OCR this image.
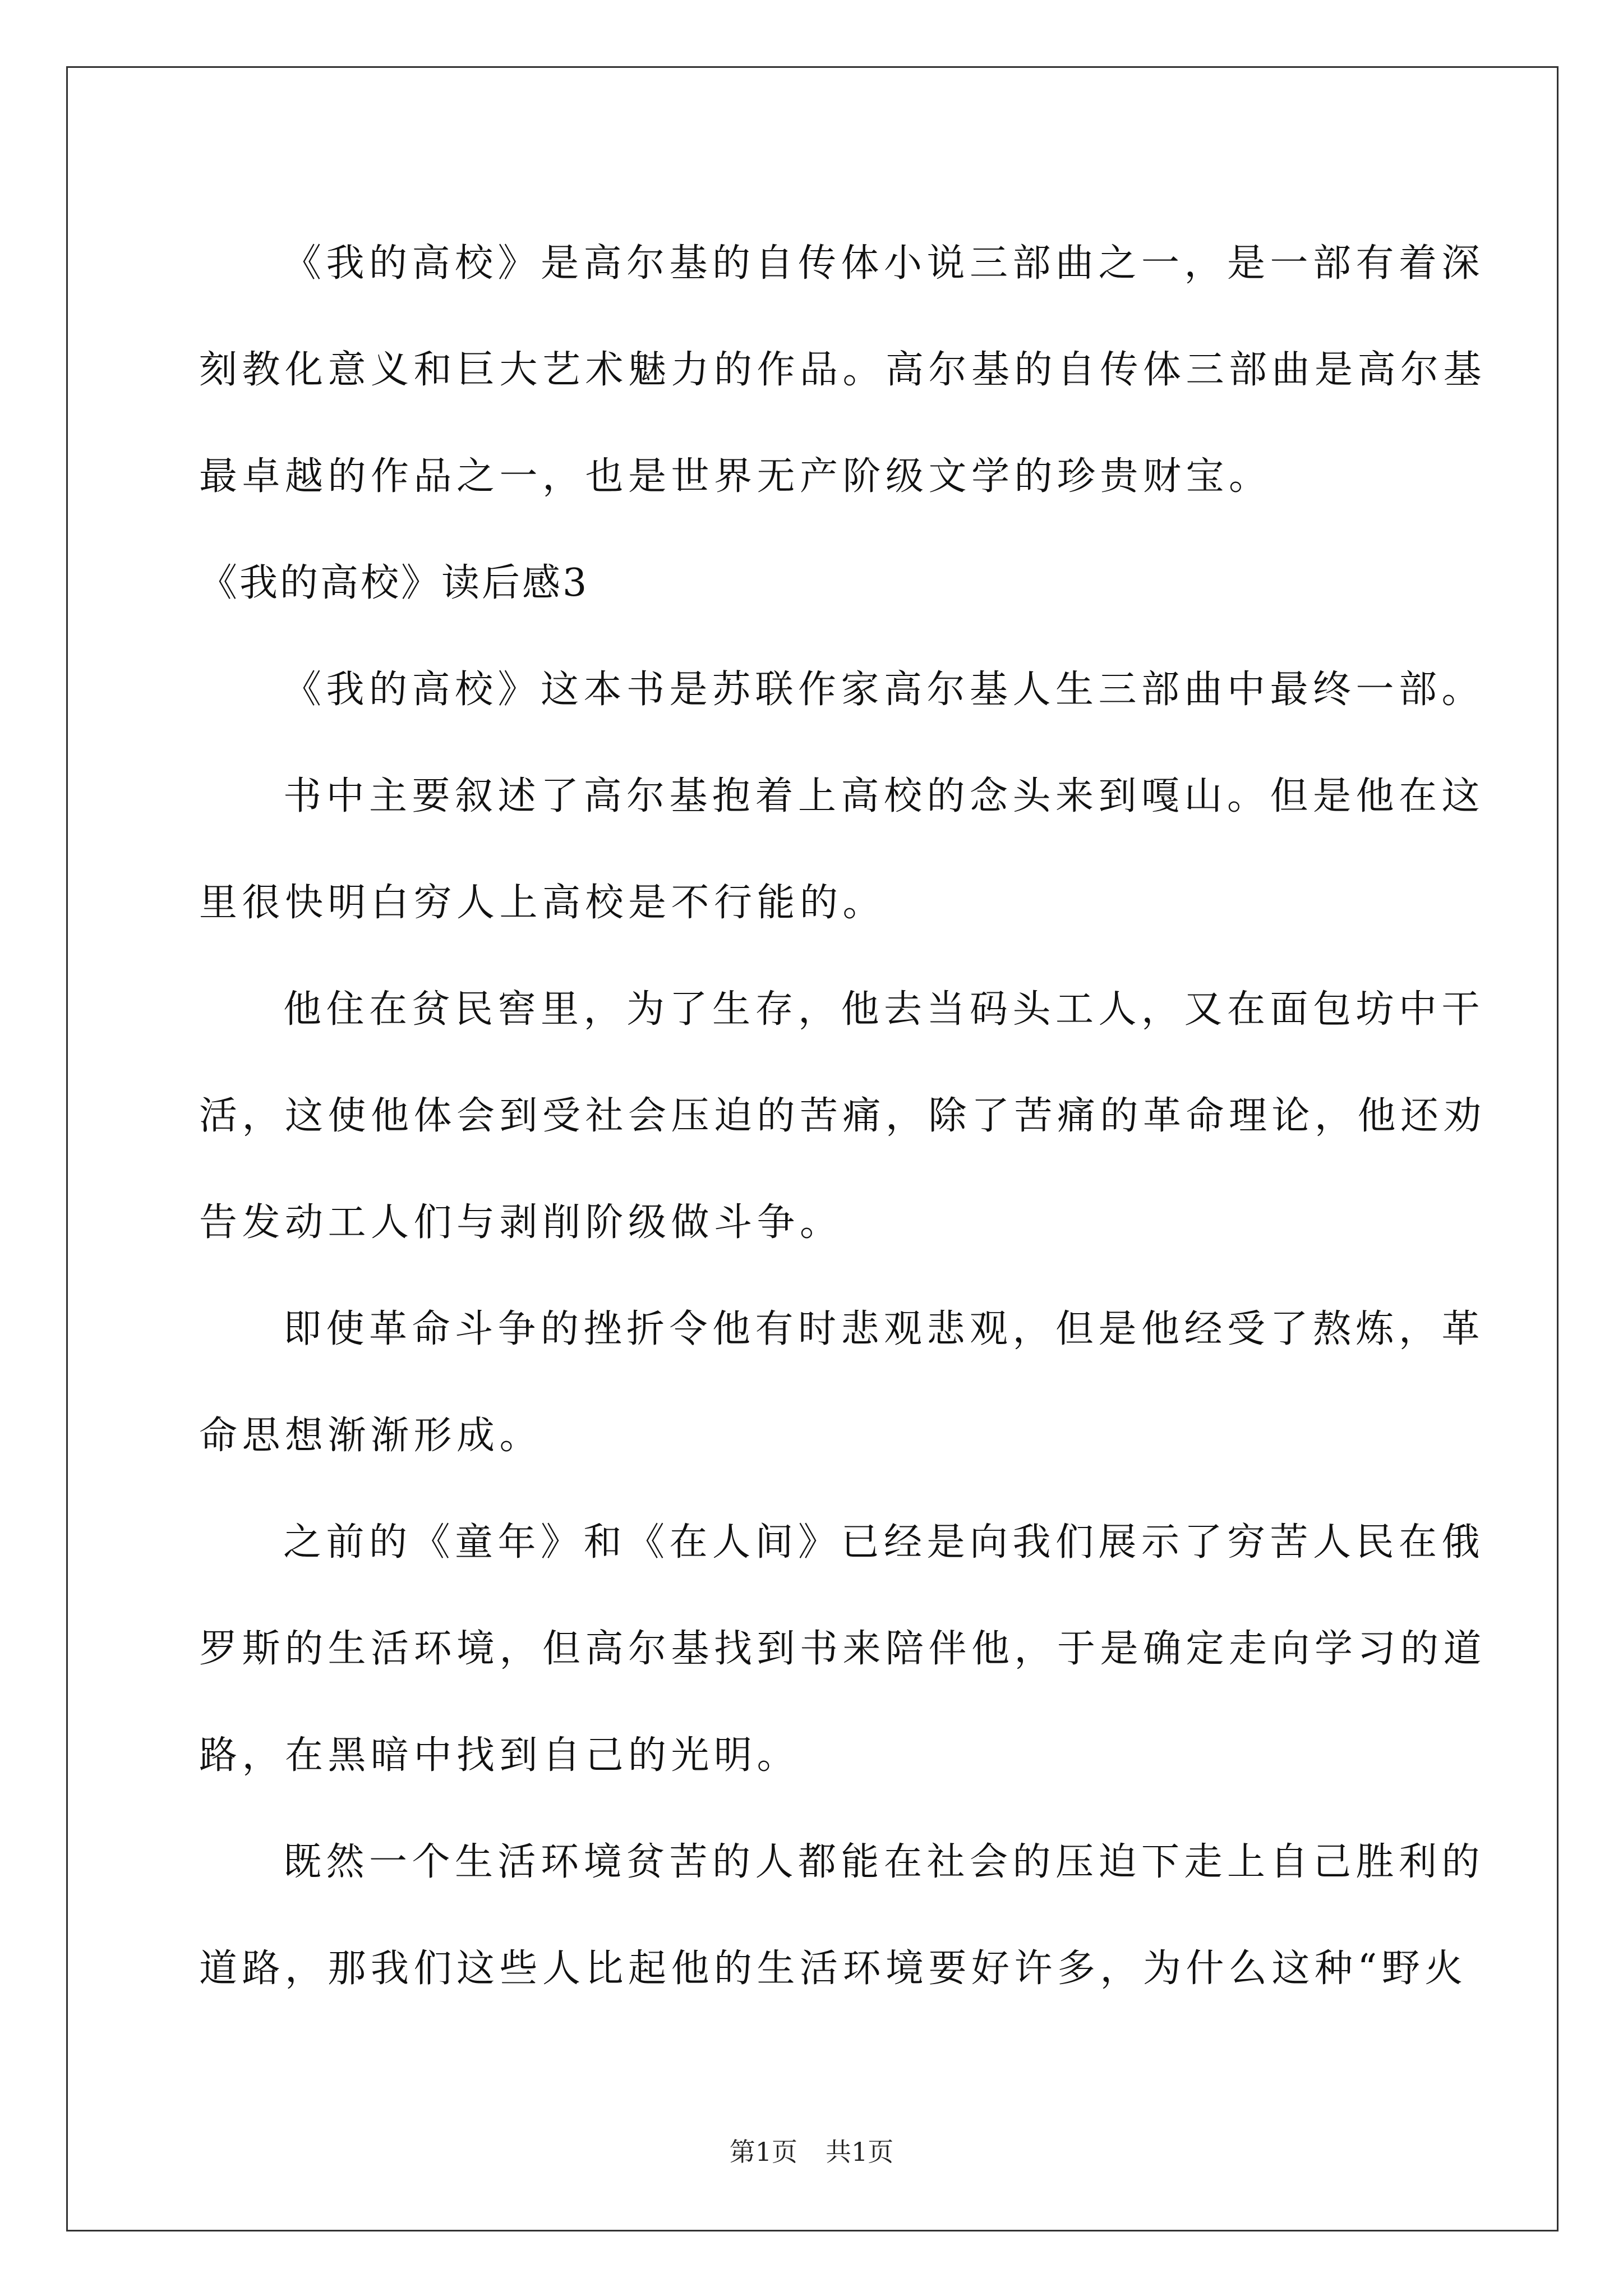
《我的高校》是高尔基的自传体小说三部曲之一，是一部有着深
刻教化意义和巨大艺术魅力的作品。高尔基的自传体三部曲是高尔基
最卓越的作品之一，也是世界无产阶级文学的珍贵财宝。
《我的高校》读后感3
《我的高校》这本书是苏联作家高尔基人生三部曲中最终一部。
书中主要叙述了高尔基抱着上高校的念头来到嘎山。但是他在这
里很快明白穷人上高校是不行能的。
他住在贫民窖里，为了生存，他去当码头工人，又在面包坊中干
活，这使他体会到受社会压迫的苦痛，除了苦痛的革命理论，他还劝
告发动工人们与剥削阶级做斗争。
即使革命斗争的挫折令他有时悲观悲观，但是他经受了熬炼，革
命思想渐渐形成。
之前的《童年》和《在人间》已经是向我们展示了穷苦人民在俄
罗斯的生活环境，但高尔基找到书来陪伴他，于是确定走向学习的道
路，在黑暗中找到自己的光明。
既然一个生活环境贫苦的人都能在社会的压迫下走上自己胜利的
道路，那我们这些人比起他的生活环境要好许多，为什么这种“野火
第1页 共1页
